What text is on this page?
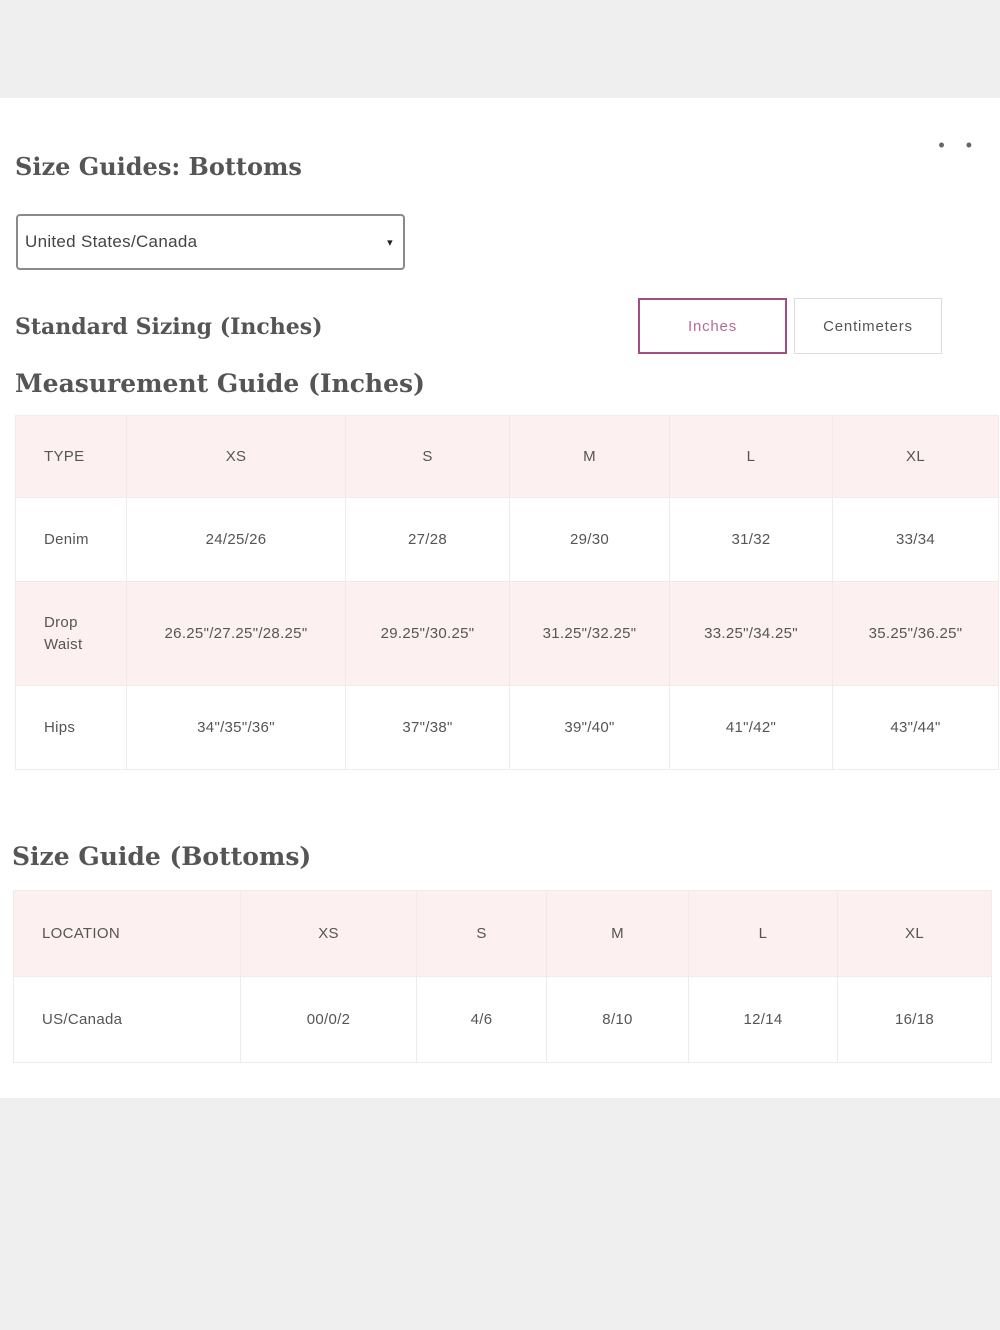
• •
Size Guides: Bottoms
United States/Canada	▾
Standard Sizing (Inches)	Inches	Centimeters
Measurement Guide (Inches)
TYPE	XS	S	M	L	XL
Denim	24/25/26	27/28	29/30	31/32	33/34
Drop Waist	26.25"/27.25"/28.25"	29.25"/30.25"	31.25"/32.25"	33.25"/34.25"	35.25"/36.25"
Hips	34"/35"/36"	37"/38"	39"/40"	41"/42"	43"/44"
Size Guide (Bottoms)
LOCATION	XS	S	M	L	XL
US/Canada	00/0/2	4/6	8/10	12/14	16/18
